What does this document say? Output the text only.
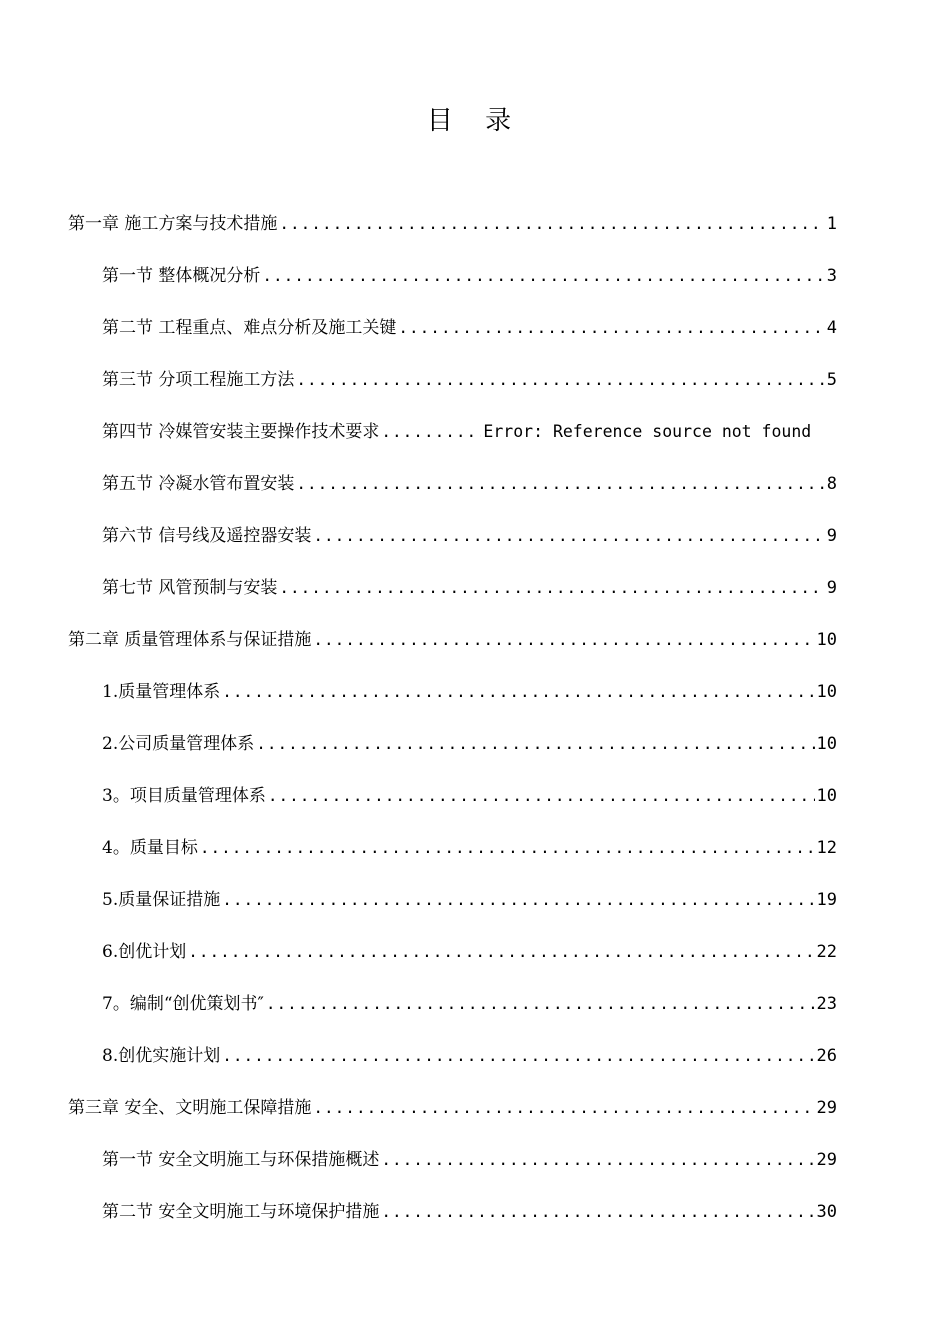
目 录
第一章 施工方案与技术措施 .....	1
第一节 整体概况分析 .....	3
第二节 工程重点、难点分析及施工关键 .....	4
第三节 分项工程施工方法 .....	5
第四节 冷媒管安装主要操作技术要求 .....	Error: Reference source not found
第五节 冷凝水管布置安装 .....	8
第六节 信号线及遥控器安装 .....	9
第七节 风管预制与安装 .....	9
第二章 质量管理体系与保证措施 .....	10
1.质量管理体系 .....	10
2.公司质量管理体系 .....	10
3。项目质量管理体系 .....	10
4。质量目标 .....	12
5.质量保证措施 .....	19
6.创优计划 .....	22
7。编制“创优策划书″ .....	23
8.创优实施计划 .....	26
第三章 安全、文明施工保障措施 .....	29
第一节 安全文明施工与环保措施概述 .....	29
第二节 安全文明施工与环境保护措施 .....	30
